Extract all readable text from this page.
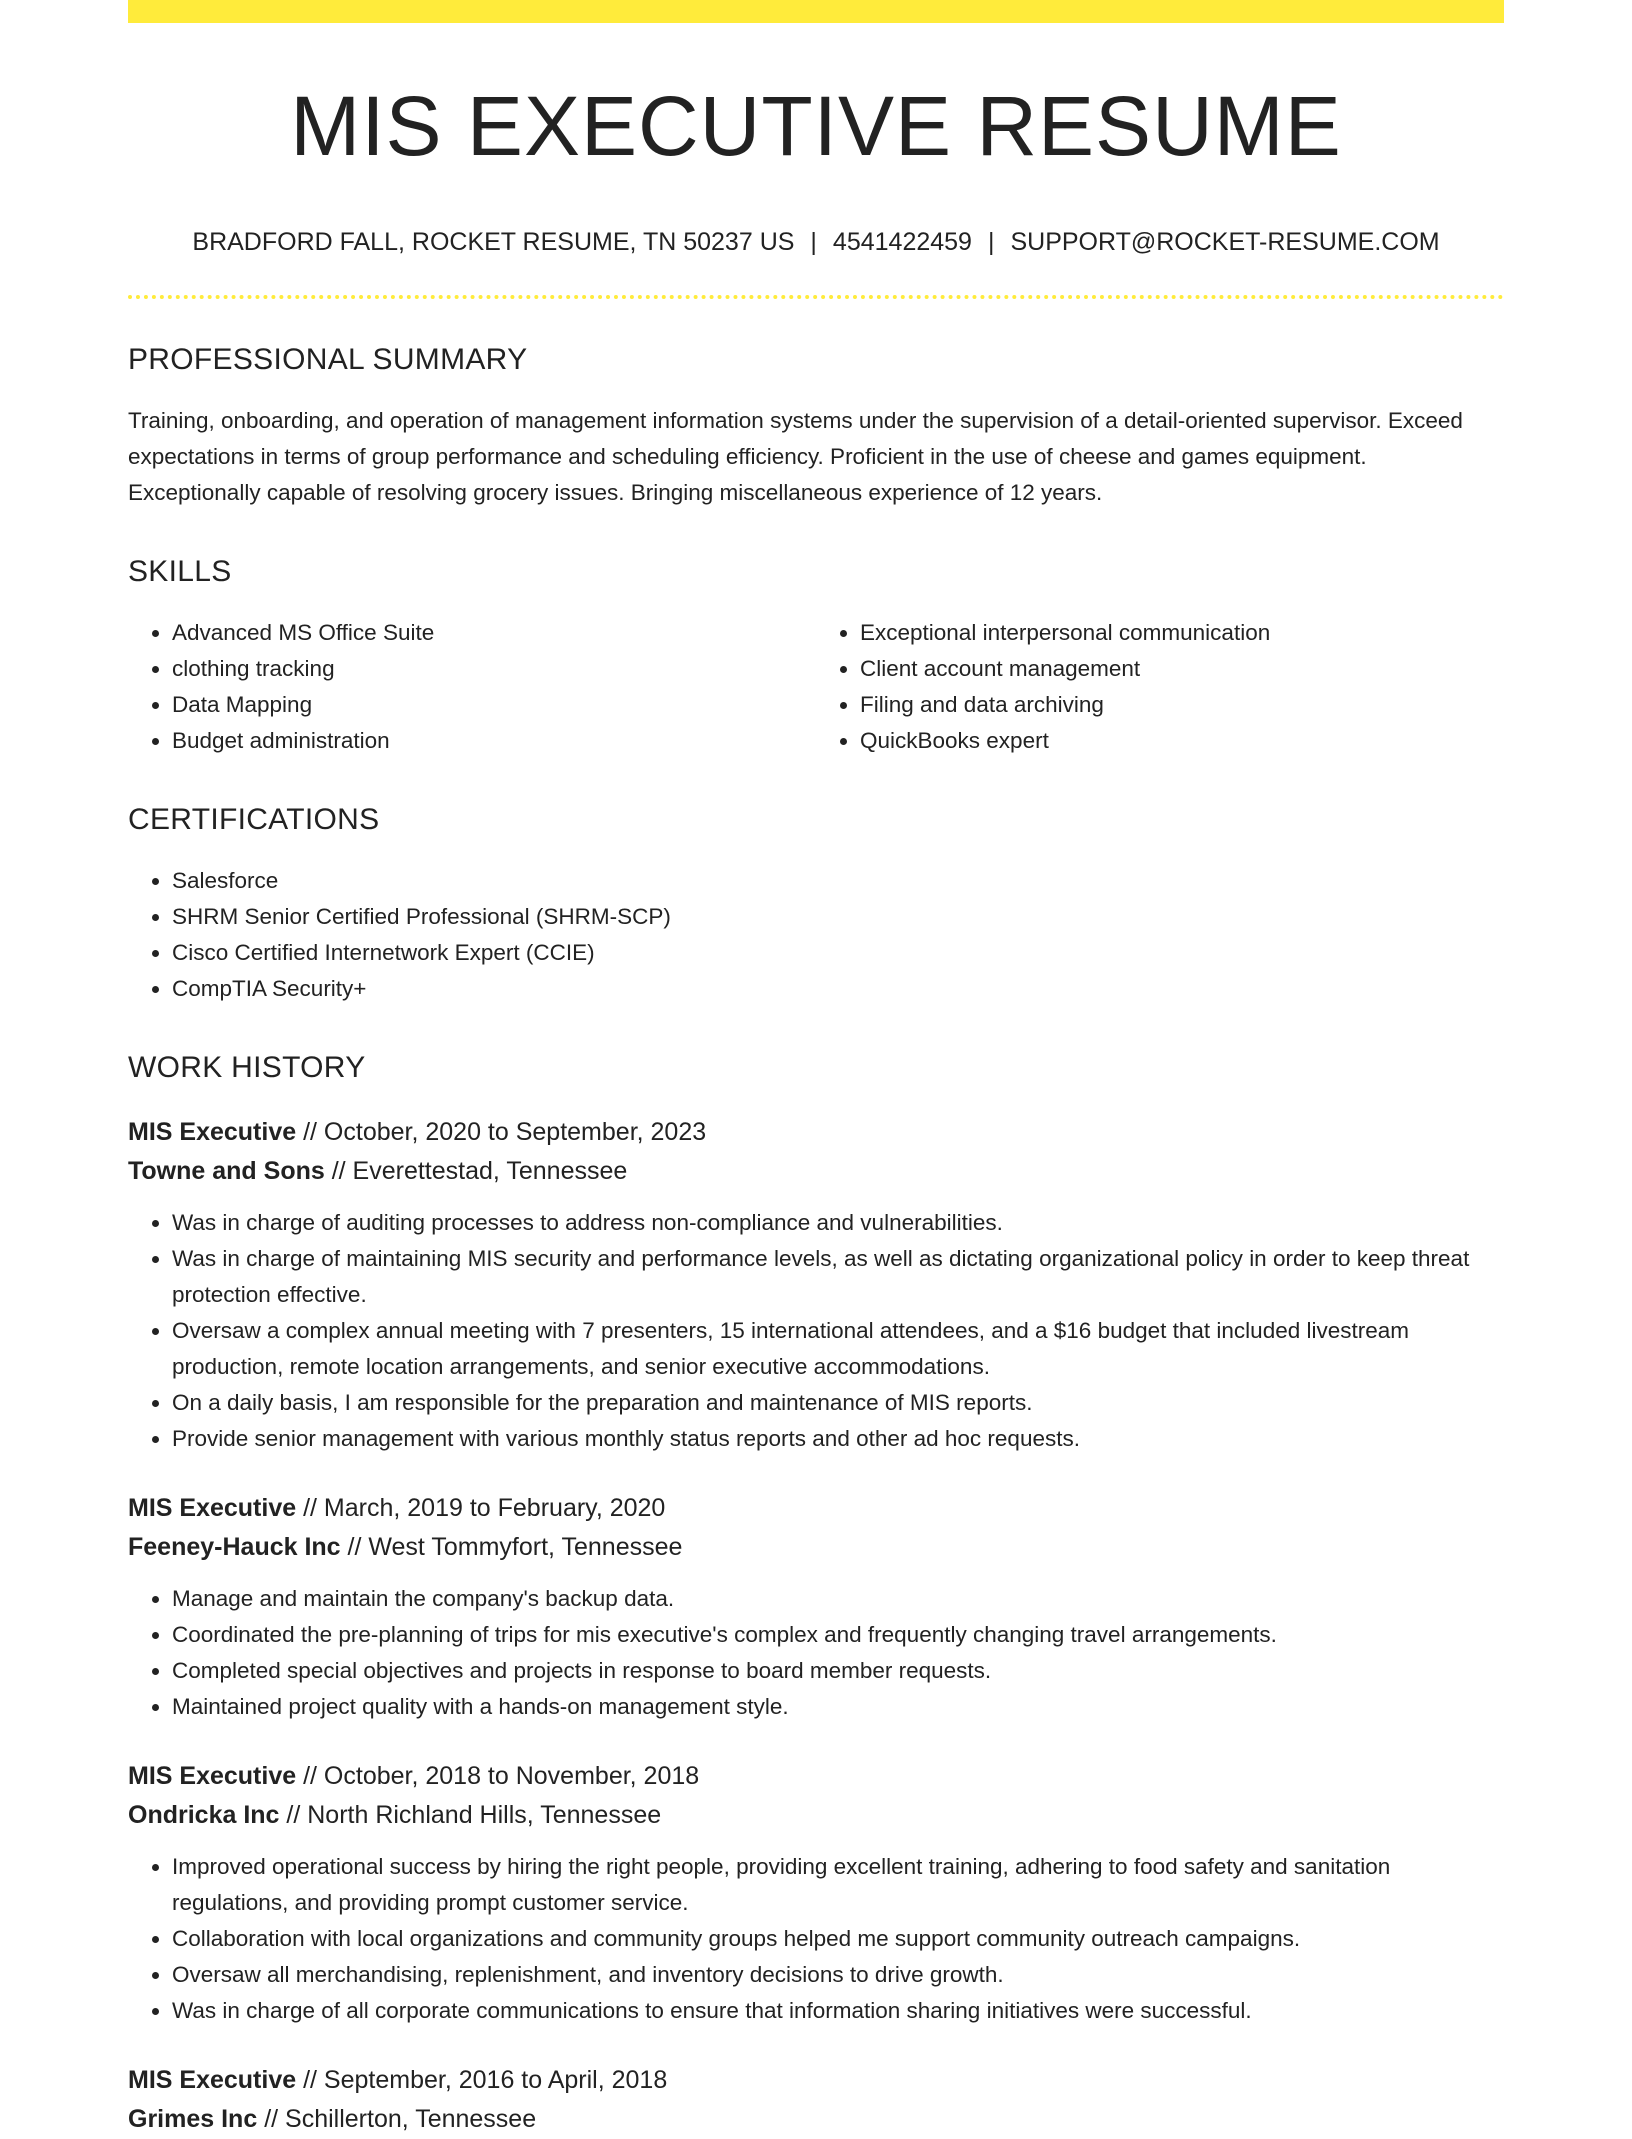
MIS EXECUTIVE RESUME
BRADFORD FALL, ROCKET RESUME, TN 50237 US | 4541422459 | SUPPORT@ROCKET-RESUME.COM
PROFESSIONAL SUMMARY

Training, onboarding, and operation of management information systems under the supervision of a detail-oriented supervisor. Exceed expectations in terms of group performance and scheduling efficiency. Proficient in the use of cheese and games equipment. Exceptionally capable of resolving grocery issues. Bringing miscellaneous experience of 12 years.

SKILLS
• Advanced MS Office Suite
• clothing tracking
• Data Mapping
• Budget administration
• Exceptional interpersonal communication
• Client account management
• Filing and data archiving
• QuickBooks expert
CERTIFICATIONS
• Salesforce
• SHRM Senior Certified Professional (SHRM-SCP)
• Cisco Certified Internetwork Expert (CCIE)
• CompTIA Security+
WORK HISTORY
MIS Executive // October, 2020 to September, 2023
Towne and Sons // Everettestad, Tennessee
• Was in charge of auditing processes to address non-compliance and vulnerabilities.
• Was in charge of maintaining MIS security and performance levels, as well as dictating organizational policy in order to keep threat protection effective.
• Oversaw a complex annual meeting with 7 presenters, 15 international attendees, and a $16 budget that included livestream production, remote location arrangements, and senior executive accommodations.
• On a daily basis, I am responsible for the preparation and maintenance of MIS reports.
• Provide senior management with various monthly status reports and other ad hoc requests.
MIS Executive // March, 2019 to February, 2020
Feeney-Hauck Inc // West Tommyfort, Tennessee
• Manage and maintain the company's backup data.
• Coordinated the pre-planning of trips for mis executive's complex and frequently changing travel arrangements.
• Completed special objectives and projects in response to board member requests.
• Maintained project quality with a hands-on management style.
MIS Executive // October, 2018 to November, 2018
Ondricka Inc // North Richland Hills, Tennessee
• Improved operational success by hiring the right people, providing excellent training, adhering to food safety and sanitation regulations, and providing prompt customer service.
• Collaboration with local organizations and community groups helped me support community outreach campaigns.
• Oversaw all merchandising, replenishment, and inventory decisions to drive growth.
• Was in charge of all corporate communications to ensure that information sharing initiatives were successful.
MIS Executive // September, 2016 to April, 2018
Grimes Inc // Schillerton, Tennessee
